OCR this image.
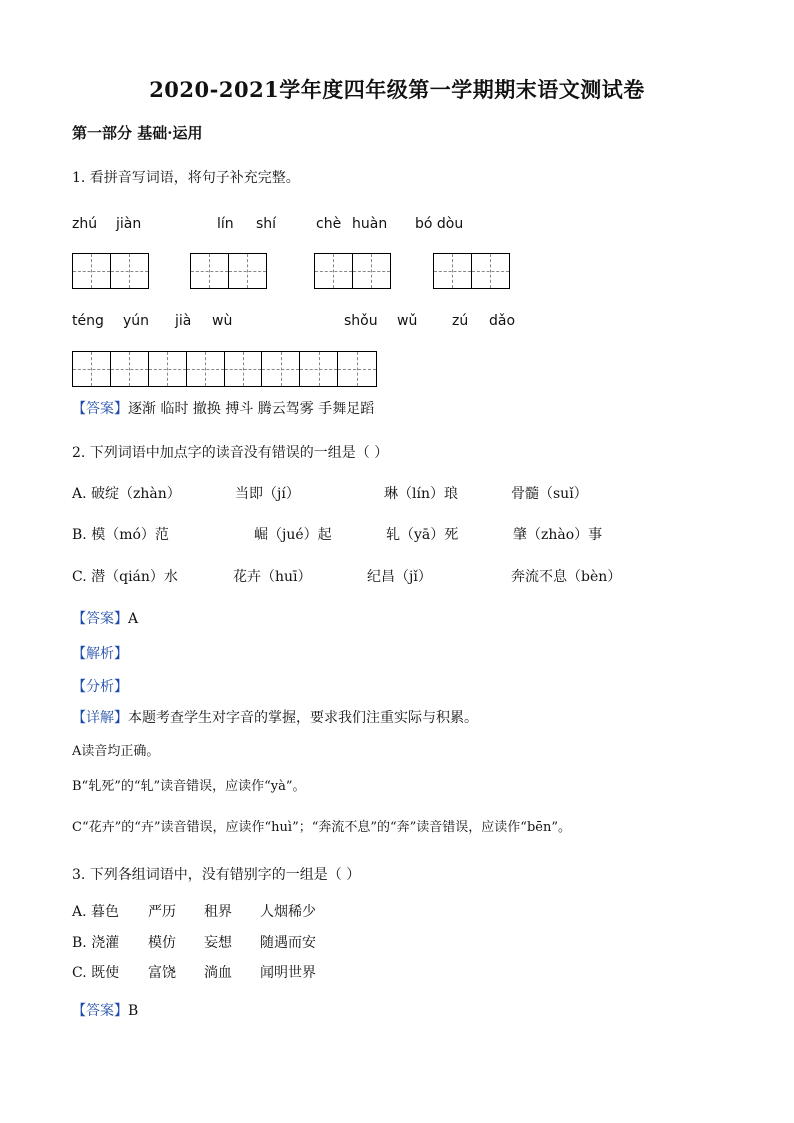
2020-2021学年度四年级第一学期期末语文测试卷
第一部分 基础·运用
1. 看拼音写词语，将句子补充完整。
zhú jiàn	lín shí	chè huàn bó dòu
téng yún jià wù	shǒu wǔ zú dǎo
【答案】逐渐 临时 撤换 搏斗 腾云驾雾 手舞足蹈
2. 下列词语中加点字的读音没有错误的一组是（ ）
A. 破绽（zhàn）	当即（jí）	琳（lín）琅	骨髓（suǐ）
B. 模（mó）范	崛（jué）起	轧（yā）死	肇（zhào）事
C. 潜（qián）水	花卉（huī）	纪昌（jǐ）	奔流不息（bèn）
【答案】A
【解析】
【分析】
【详解】本题考查学生对字音的掌握，要求我们注重实际与积累。
A读音均正确。
B“轧死”的“轧”读音错误，应读作“yà”。
C“花卉”的“卉”读音错误，应读作“huì”；“奔流不息”的“奔”读音错误，应读作“bēn”。
3. 下列各组词语中，没有错别字的一组是（ ）
A. 暮色 严历 租界 人烟稀少
B. 浇灌 模仿 妄想 随遇而安
C. 既使 富饶 淌血 闻明世界
【答案】B
